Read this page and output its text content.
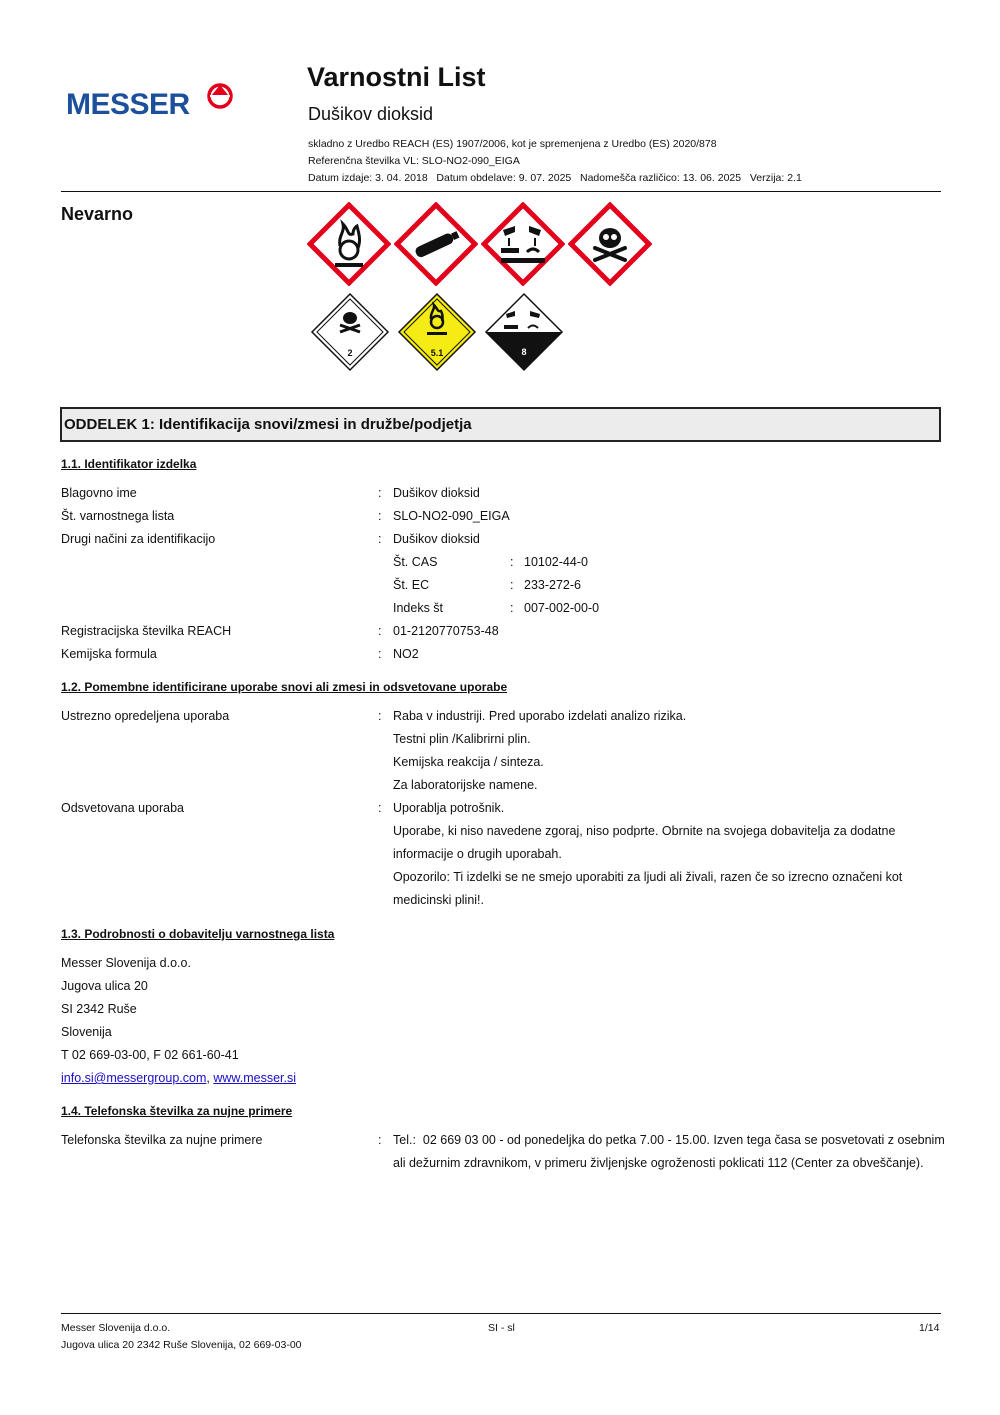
MESSER
Varnostni List
Dušikov dioksid
skladno z Uredbo REACH (ES) 1907/2006, kot je spremenjena z Uredbo (ES) 2020/878
Referenčna številka VL: SLO-NO2-090_EIGA
Datum izdaje: 3. 04. 2018   Datum obdelave: 9. 07. 2025   Nadomešča različico: 13. 06. 2025   Verzija: 2.1
Nevarno
2	5.1	8
ODDELEK 1: Identifikacija snovi/zmesi in družbe/podjetja
1.1. Identifikator izdelka
Blagovno ime	: Dušikov dioksid
Št. varnostnega lista	: SLO-NO2-090_EIGA
Drugi načini za identifikacijo	: Dušikov dioksid
Št. CAS	: 10102-44-0
Št. EC	: 233-272-6
Indeks št	: 007-002-00-0
Registracijska številka REACH	: 01-2120770753-48
Kemijska formula	: NO2
1.2. Pomembne identificirane uporabe snovi ali zmesi in odsvetovane uporabe
Ustrezno opredeljena uporaba	: Raba v industriji. Pred uporabo izdelati analizo rizika.
Testni plin /Kalibrirni plin.
Kemijska reakcija / sinteza.
Za laboratorijske namene.
Odsvetovana uporaba	: Uporablja potrošnik.
Uporabe, ki niso navedene zgoraj, niso podprte. Obrnite na svojega dobavitelja za dodatne
informacije o drugih uporabah.
Opozorilo: Ti izdelki se ne smejo uporabiti za ljudi ali živali, razen če so izrecno označeni kot
medicinski plini!.
1.3. Podrobnosti o dobavitelju varnostnega lista
Messer Slovenija d.o.o.
Jugova ulica 20
SI 2342 Ruše
Slovenija
T 02 669-03-00, F 02 661-60-41
info.si@messergroup.com, www.messer.si
1.4. Telefonska številka za nujne primere
Telefonska številka za nujne primere	: Tel.:  02 669 03 00 - od ponedeljka do petka 7.00 - 15.00. Izven tega časa se posvetovati z osebnim
ali dežurnim zdravnikom, v primeru življenjske ogroženosti poklicati 112 (Center za obveščanje).
Messer Slovenija d.o.o.
Jugova ulica 20 2342 Ruše Slovenija, 02 669-03-00
SI - sl	1/14
